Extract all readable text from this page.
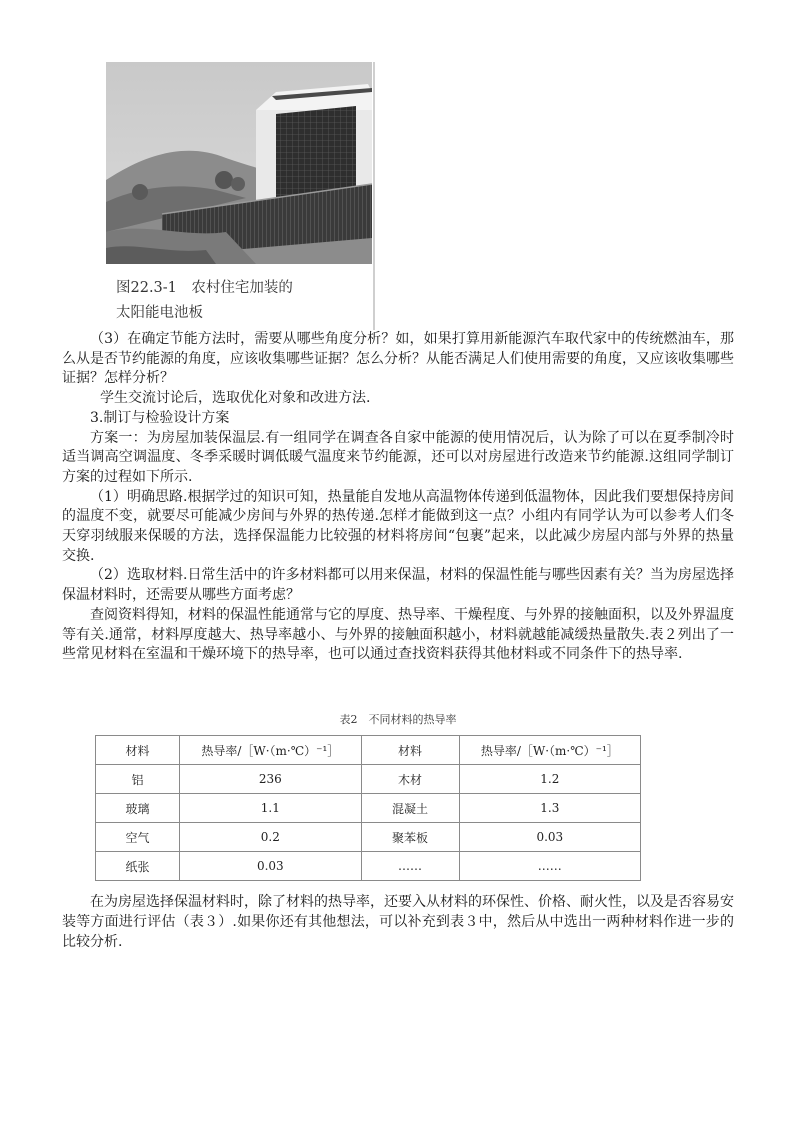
图22.3-1　农村住宅加装的
太阳能电池板

（3）在确定节能方法时，需要从哪些角度分析？如，如果打算用新能源汽车取代家中的传统燃油车，那么从是否节约能源的角度，应该收集哪些证据？怎么分析？从能否满足人们使用需要的角度，又应该收集哪些证据？怎样分析？

学生交流讨论后，选取优化对象和改进方法.

3.制订与检验设计方案

方案一：为房屋加装保温层.有一组同学在调查各自家中能源的使用情况后，认为除了可以在夏季制冷时适当调高空调温度、冬季采暖时调低暖气温度来节约能源，还可以对房屋进行改造来节约能源.这组同学制订方案的过程如下所示.

（1）明确思路.根据学过的知识可知，热量能自发地从高温物体传递到低温物体，因此我们要想保持房间的温度不变，就要尽可能减少房间与外界的热传递.怎样才能做到这一点？小组内有同学认为可以参考人们冬天穿羽绒服来保暖的方法，选择保温能力比较强的材料将房间“包裹”起来，以此减少房屋内部与外界的热量交换.

（2）选取材料.日常生活中的许多材料都可以用来保温，材料的保温性能与哪些因素有关？当为房屋选择保温材料时，还需要从哪些方面考虑？

查阅资料得知，材料的保温性能通常与它的厚度、热导率、干燥程度、与外界的接触面积，以及外界温度等有关.通常，材料厚度越大、热导率越小、与外界的接触面积越小，材料就越能减缓热量散失.表２列出了一些常见材料在室温和干燥环境下的热导率，也可以通过查找资料获得其他材料或不同条件下的热导率.

表2　不同材料的热导率
材料	热导率/［W·（m·℃）⁻¹］	材料	热导率/［W·（m·℃）⁻¹］
铝	236	木材	1.2
玻璃	1.1	混凝土	1.3
空气	0.2	聚苯板	0.03
纸张	0.03	……	……

在为房屋选择保温材料时，除了材料的热导率，还要入从材料的环保性、价格、耐火性，以及是否容易安装等方面进行评估（表３）.如果你还有其他想法，可以补充到表３中，然后从中选出一两种材料作进一步的比较分析.
